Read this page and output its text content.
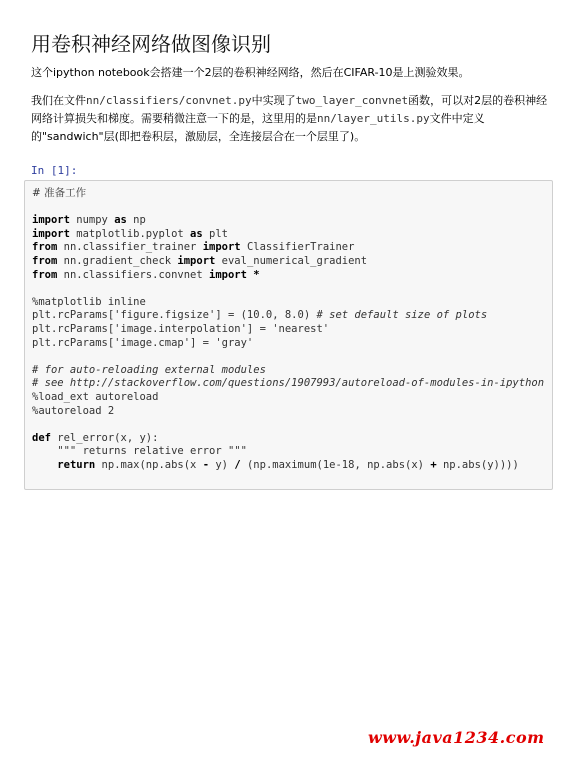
用卷积神经网络做图像识别

这个ipython notebook会搭建一个2层的卷积神经网络，然后在CIFAR-10是上测验效果。

我们在文件nn/classifiers/convnet.py中实现了two_layer_convnet函数，可以对2层的卷积神经
网络计算损失和梯度。需要稍微注意一下的是，这里用的是nn/layer_utils.py文件中定义
的"sandwich"层(即把卷积层，激励层，全连接层合在一个层里了)。

In [1]:
# 准备工作

import numpy as np
import matplotlib.pyplot as plt
from nn.classifier_trainer import ClassifierTrainer
from nn.gradient_check import eval_numerical_gradient
from nn.classifiers.convnet import *

%matplotlib inline
plt.rcParams['figure.figsize'] = (10.0, 8.0) # set default size of plots
plt.rcParams['image.interpolation'] = 'nearest'
plt.rcParams['image.cmap'] = 'gray'

# for auto-reloading external modules
# see http://stackoverflow.com/questions/1907993/autoreload-of-modules-in-ipython
%load_ext autoreload
%autoreload 2

def rel_error(x, y):
""" returns relative error """
return np.max(np.abs(x - y) / (np.maximum(1e-18, np.abs(x) + np.abs(y))))
www.java1234.com
